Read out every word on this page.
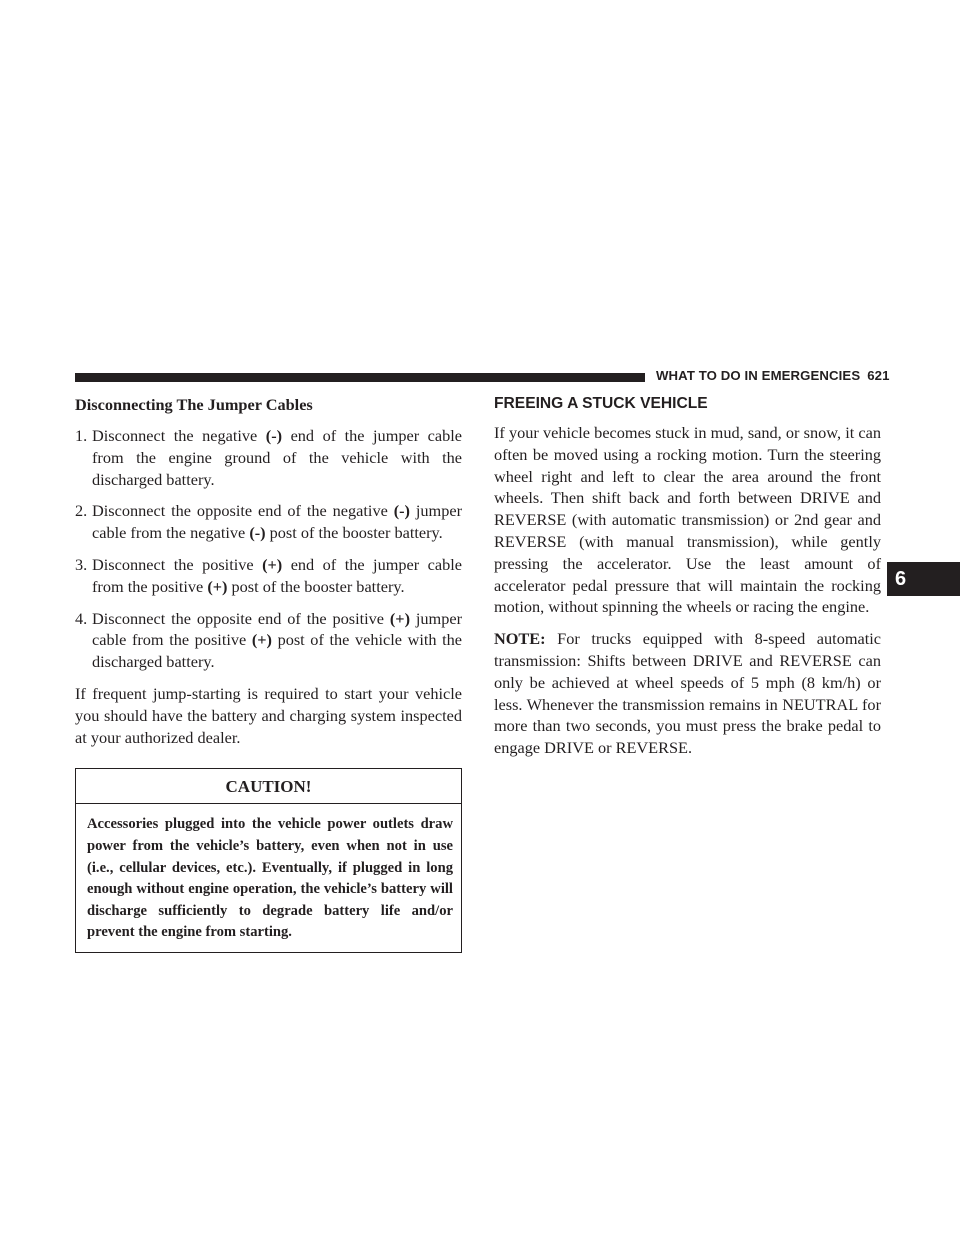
WHAT TO DO IN EMERGENCIES 621
6

Disconnecting The Jumper Cables

1. Disconnect the negative (-) end of the jumper cable from the engine ground of the vehicle with the discharged battery.
2. Disconnect the opposite end of the negative (-) jumper cable from the negative (-) post of the booster battery.
3. Disconnect the positive (+) end of the jumper cable from the positive (+) post of the booster battery.
4. Disconnect the opposite end of the positive (+) jumper cable from the positive (+) post of the vehicle with the discharged battery.

If frequent jump-starting is required to start your vehicle you should have the battery and charging system inspected at your authorized dealer.

CAUTION!
Accessories plugged into the vehicle power outlets draw power from the vehicle’s battery, even when not in use (i.e., cellular devices, etc.). Eventually, if plugged in long enough without engine operation, the vehicle’s battery will discharge sufficiently to degrade battery life and/or prevent the engine from starting.
FREEING A STUCK VEHICLE

If your vehicle becomes stuck in mud, sand, or snow, it can often be moved using a rocking motion. Turn the steering wheel right and left to clear the area around the front wheels. Then shift back and forth between DRIVE and REVERSE (with automatic transmission) or 2nd gear and REVERSE (with manual transmission), while gently pressing the accelerator. Use the least amount of accelerator pedal pressure that will maintain the rocking motion, without spinning the wheels or racing the engine.

NOTE: For trucks equipped with 8-speed automatic transmission: Shifts between DRIVE and REVERSE can only be achieved at wheel speeds of 5 mph (8 km/h) or less. Whenever the transmission remains in NEUTRAL for more than two seconds, you must press the brake pedal to engage DRIVE or REVERSE.
